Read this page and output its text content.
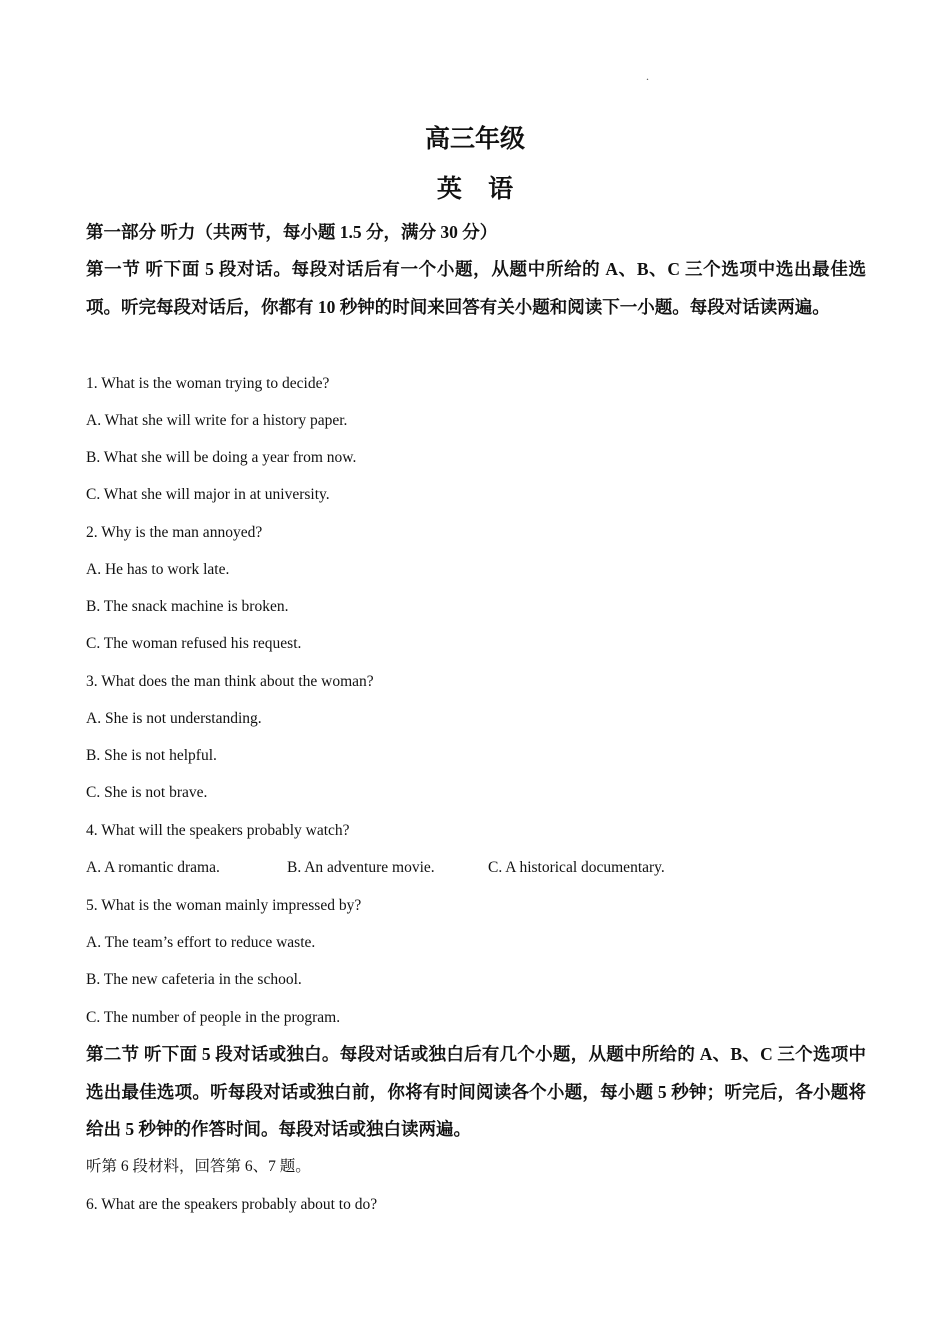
.
高三年级
英 语
第一部分 听力（共两节，每小题 1.5 分，满分 30 分）
第一节 听下面 5 段对话。每段对话后有一个小题，从题中所给的 A、B、C 三个选项中选出最佳选项。听完每段对话后，你都有 10 秒钟的时间来回答有关小题和阅读下一小题。每段对话读两遍。
1. What is the woman trying to decide?
A. What she will write for a history paper.
B. What she will be doing a year from now.
C. What she will major in at university.
2. Why is the man annoyed?
A. He has to work late.
B. The snack machine is broken.
C. The woman refused his request.
3. What does the man think about the woman?
A. She is not understanding.
B. She is not helpful.
C. She is not brave.
4. What will the speakers probably watch?
A. A romantic drama.	B. An adventure movie.	C. A historical documentary.
5. What is the woman mainly impressed by?
A. The team’s effort to reduce waste.
B. The new cafeteria in the school.
C. The number of people in the program.
第二节 听下面 5 段对话或独白。每段对话或独白后有几个小题，从题中所给的 A、B、C 三个选项中选出最佳选项。听每段对话或独白前，你将有时间阅读各个小题，每小题 5 秒钟；听完后，各小题将给出 5 秒钟的作答时间。每段对话或独白读两遍。
听第 6 段材料，回答第 6、7 题。
6. What are the speakers probably about to do?
